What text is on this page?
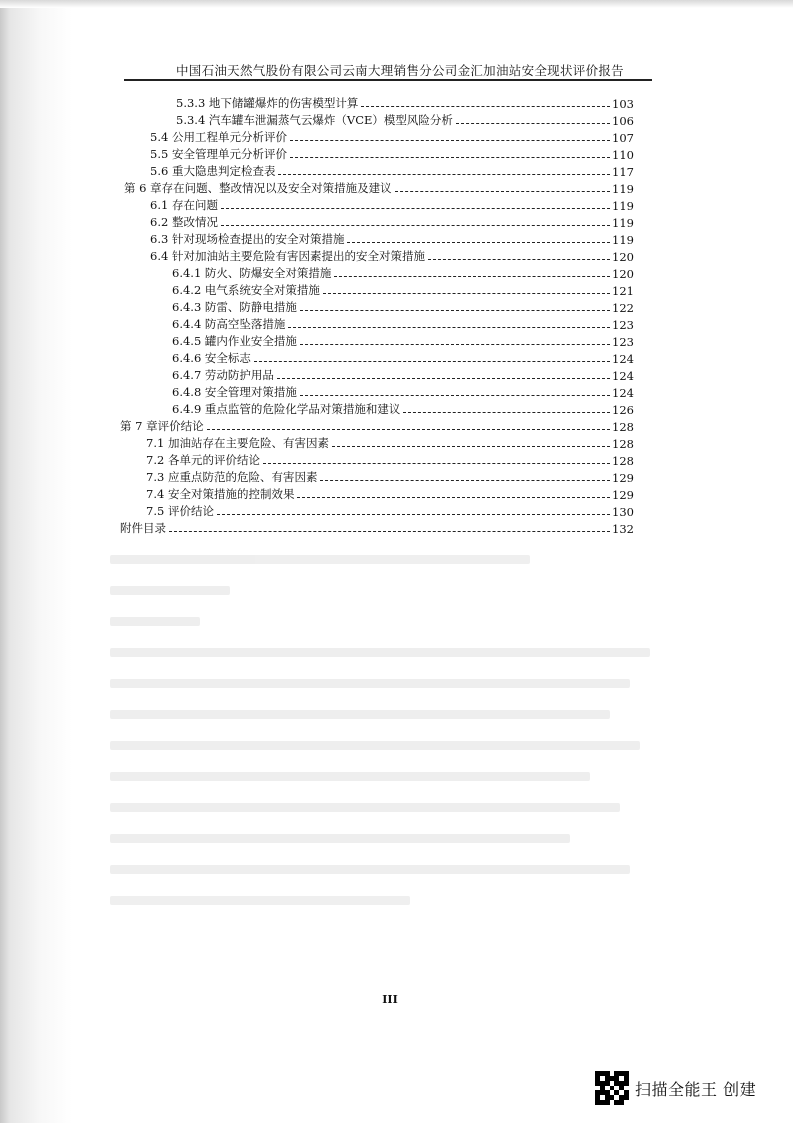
中国石油天然气股份有限公司云南大理销售分公司金汇加油站安全现状评价报告
5.3.3 地下储罐爆炸的伤害模型计算	103
5.3.4 汽车罐车泄漏蒸气云爆炸（VCE）模型风险分析	106
5.4 公用工程单元分析评价	107
5.5 安全管理单元分析评价	110
5.6 重大隐患判定检查表	117
第 6 章存在问题、整改情况以及安全对策措施及建议	119
6.1 存在问题	119
6.2 整改情况	119
6.3 针对现场检查提出的安全对策措施	119
6.4 针对加油站主要危险有害因素提出的安全对策措施	120
6.4.1 防火、防爆安全对策措施	120
6.4.2 电气系统安全对策措施	121
6.4.3 防雷、防静电措施	122
6.4.4 防高空坠落措施	123
6.4.5 罐内作业安全措施	123
6.4.6 安全标志	124
6.4.7 劳动防护用品	124
6.4.8 安全管理对策措施	124
6.4.9 重点监管的危险化学品对策措施和建议	126
第 7 章评价结论	128
7.1 加油站存在主要危险、有害因素	128
7.2 各单元的评价结论	128
7.3 应重点防范的危险、有害因素	129
7.4 安全对策措施的控制效果	129
7.5 评价结论	130
附件目录	132
III
扫描全能王 创建
